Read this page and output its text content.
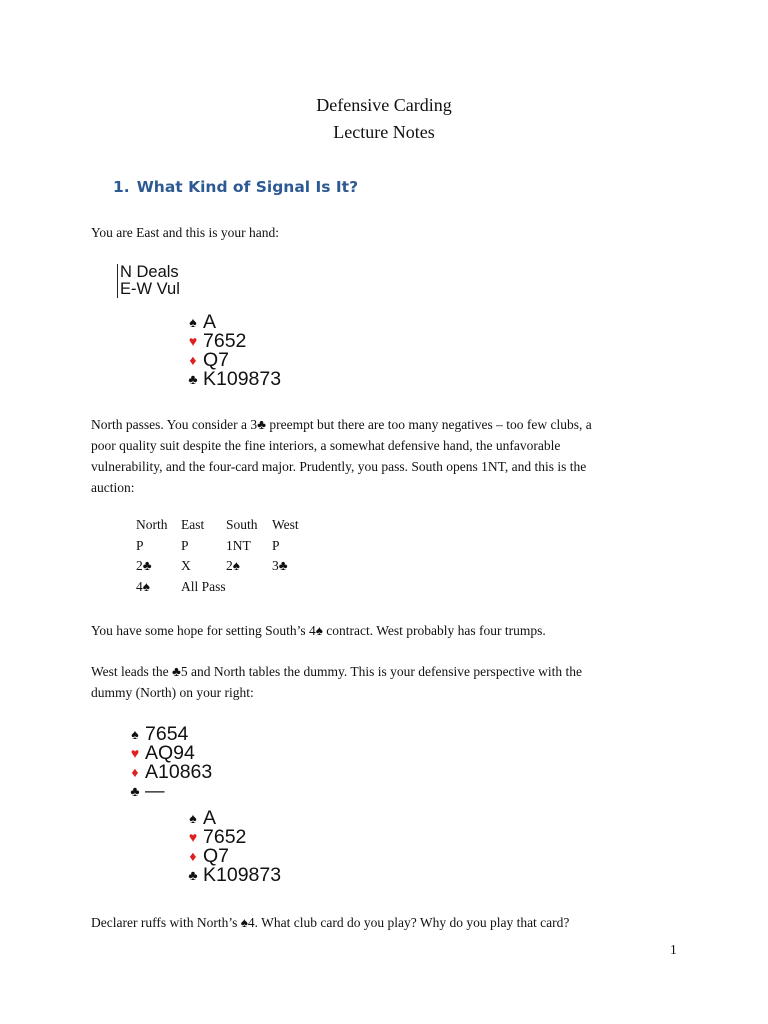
Defensive Carding
Lecture Notes
1. What Kind of Signal Is It?
You are East and this is your hand:
N Deals
E-W Vul
♠ A
♥ 7652
♦ Q7
♣ K109873
North passes. You consider a 3♣ preempt but there are too many negatives – too few clubs, a
poor quality suit despite the fine interiors, a somewhat defensive hand, the unfavorable
vulnerability, and the four-card major. Prudently, you pass. South opens 1NT, and this is the
auction:
North	East	South	West
P	P	1NT	P
2♣	X	2♠	3♣
4♠	All Pass		
You have some hope for setting South’s 4♠ contract. West probably has four trumps.
West leads the ♣5 and North tables the dummy. This is your defensive perspective with the
dummy (North) on your right:
♠ 7654
♥ AQ94
♦ A10863
♣ —
♠ A
♥ 7652
♦ Q7
♣ K109873
Declarer ruffs with North’s ♠4. What club card do you play? Why do you play that card?
1
